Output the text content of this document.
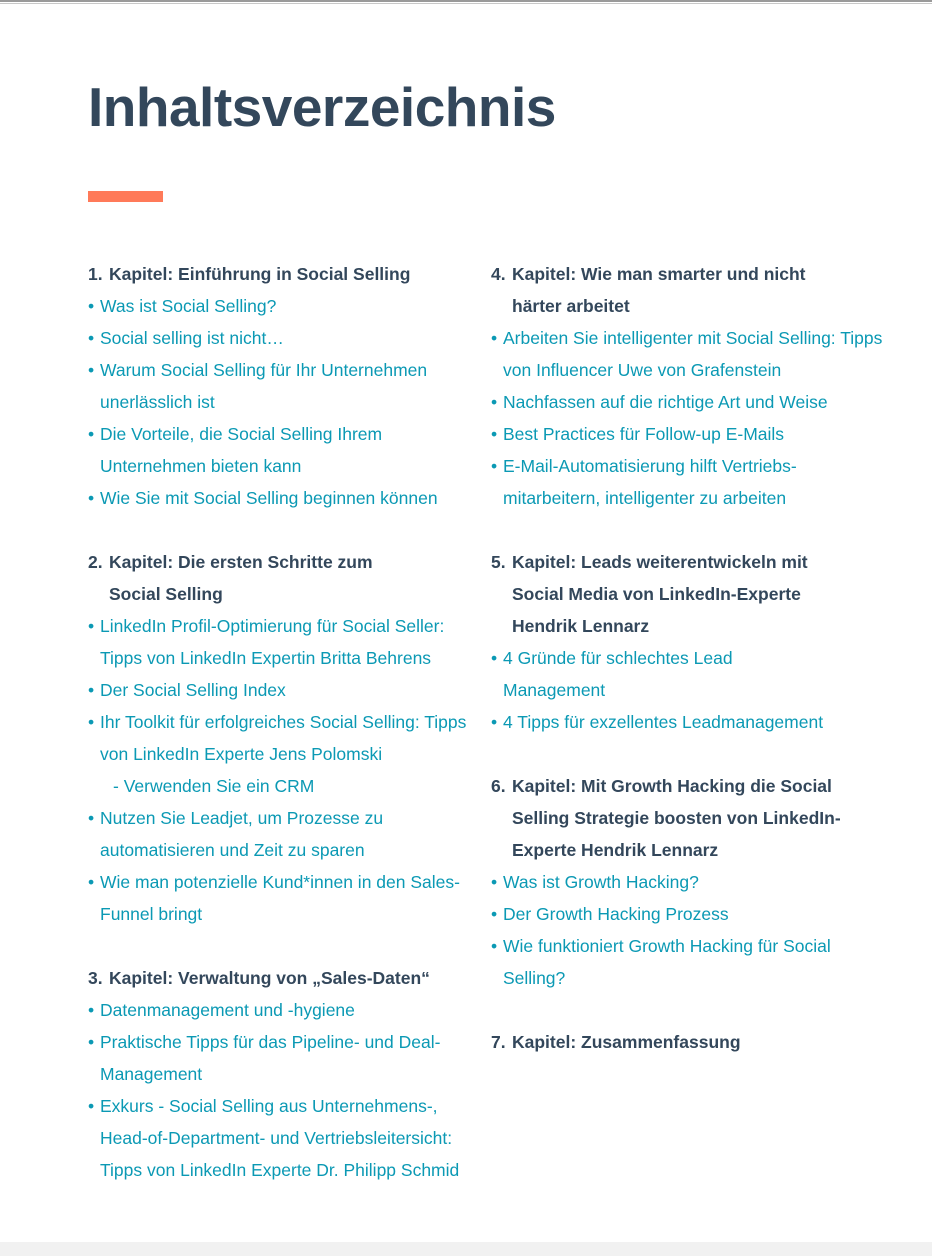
Inhaltsverzeichnis
1. Kapitel: Einführung in Social Selling
• Was ist Social Selling?
• Social selling ist nicht…
• Warum Social Selling für Ihr Unternehmen unerlässlich ist
• Die Vorteile, die Social Selling Ihrem Unternehmen bieten kann
• Wie Sie mit Social Selling beginnen können
2. Kapitel: Die ersten Schritte zum Social Selling
• LinkedIn Profil-Optimierung für Social Seller: Tipps von LinkedIn Expertin Britta Behrens
• Der Social Selling Index
• Ihr Toolkit für erfolgreiches Social Selling: Tipps von LinkedIn Experte Jens Polomski
- Verwenden Sie ein CRM
• Nutzen Sie Leadjet, um Prozesse zu automatisieren und Zeit zu sparen
• Wie man potenzielle Kund*innen in den Sales-Funnel bringt
3. Kapitel: Verwaltung von „Sales-Daten“
• Datenmanagement und -hygiene
• Praktische Tipps für das Pipeline- und Deal-Management
• Exkurs - Social Selling aus Unternehmens-, Head-of-Department- und Vertriebsleitersicht: Tipps von LinkedIn Experte Dr. Philipp Schmid
4. Kapitel: Wie man smarter und nicht härter arbeitet
• Arbeiten Sie intelligenter mit Social Selling: Tipps von Influencer Uwe von Grafenstein
• Nachfassen auf die richtige Art und Weise
• Best Practices für Follow-up E-Mails
• E-Mail-Automatisierung hilft Vertriebs-mitarbeitern, intelligenter zu arbeiten
5. Kapitel: Leads weiterentwickeln mit Social Media von LinkedIn-Experte Hendrik Lennarz
• 4 Gründe für schlechtes Lead Management
• 4 Tipps für exzellentes Leadmanagement
6. Kapitel: Mit Growth Hacking die Social Selling Strategie boosten von LinkedIn-Experte Hendrik Lennarz
• Was ist Growth Hacking?
• Der Growth Hacking Prozess
• Wie funktioniert Growth Hacking für Social Selling?
7. Kapitel: Zusammenfassung
